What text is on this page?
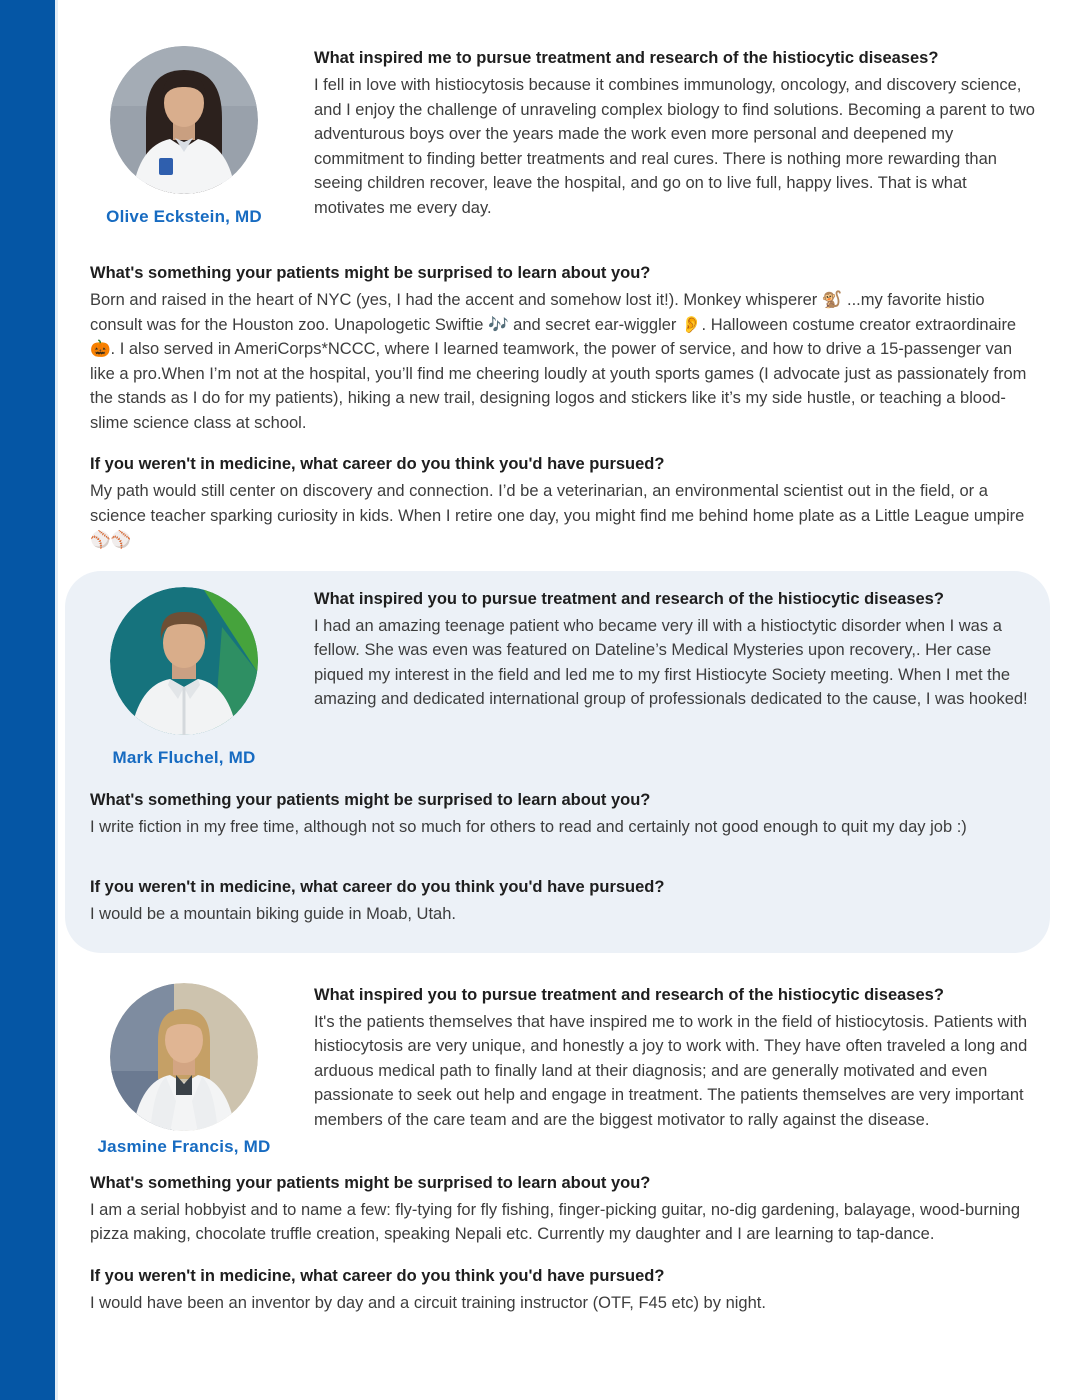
Olive Eckstein, MD
What inspired me to pursue treatment and research of the histiocytic diseases?
I fell in love with histiocytosis because it combines immunology, oncology, and discovery science, and I enjoy the challenge of unraveling complex biology to find solutions. Becoming a parent to two adventurous boys over the years made the work even more personal and deepened my commitment to finding better treatments and real cures. There is nothing more rewarding than seeing children recover, leave the hospital, and go on to live full, happy lives. That is what motivates me every day.
What's something your patients might be surprised to learn about you?
Born and raised in the heart of NYC (yes, I had the accent and somehow lost it!). Monkey whisperer 🐒 ...my favorite histio consult was for the Houston zoo. Unapologetic Swiftie 🎶 and secret ear-wiggler 👂. Halloween costume creator extraordinaire 🎃. I also served in AmeriCorps*NCCC, where I learned teamwork, the power of service, and how to drive a 15-passenger van like a pro.When I’m not at the hospital, you’ll find me cheering loudly at youth sports games (I advocate just as passionately from the stands as I do for my patients), hiking a new trail, designing logos and stickers like it’s my side hustle, or teaching a blood-slime science class at school.
If you weren't in medicine, what career do you think you'd have pursued?
My path would still center on discovery and connection. I’d be a veterinarian, an environmental scientist out in the field, or a science teacher sparking curiosity in kids. When I retire one day, you might find me behind home plate as a Little League umpire ⚾⚾
Mark Fluchel, MD
What inspired you to pursue treatment and research of the histiocytic diseases?
I had an amazing teenage patient who became very ill with a histioctytic disorder when I was a fellow. She was even was featured on Dateline’s Medical Mysteries upon recovery,. Her case piqued my interest in the field and led me to my first Histiocyte Society meeting. When I met the amazing and dedicated international group of professionals dedicated to the cause, I was hooked!
What's something your patients might be surprised to learn about you?
I write fiction in my free time, although not so much for others to read and certainly not good enough to quit my day job :)
If you weren't in medicine, what career do you think you'd have pursued?
I would be a mountain biking guide in Moab, Utah.
Jasmine Francis, MD
What inspired you to pursue treatment and research of the histiocytic diseases?
It's the patients themselves that have inspired me to work in the field of histiocytosis. Patients with histiocytosis are very unique, and honestly a joy to work with. They have often traveled a long and arduous medical path to finally land at their diagnosis; and are generally motivated and even passionate to seek out help and engage in treatment. The patients themselves are very important members of the care team and are the biggest motivator to rally against the disease.
What's something your patients might be surprised to learn about you?
I am a serial hobbyist and to name a few: fly-tying for fly fishing, finger-picking guitar, no-dig gardening, balayage, wood-burning pizza making, chocolate truffle creation, speaking Nepali etc. Currently my daughter and I are learning to tap-dance.
If you weren't in medicine, what career do you think you'd have pursued?
I would have been an inventor by day and a circuit training instructor (OTF, F45 etc) by night.
